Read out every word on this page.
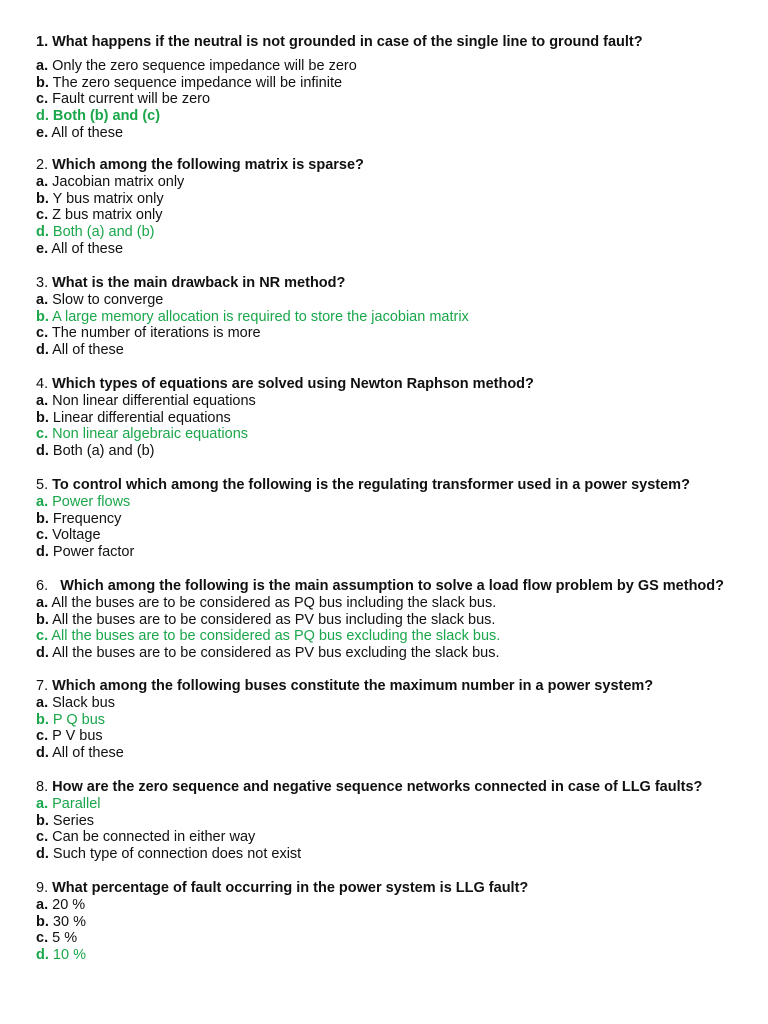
1. What happens if the neutral is not grounded in case of the single line to ground fault?
a. Only the zero sequence impedance will be zero
b. The zero sequence impedance will be infinite
c. Fault current will be zero
d. Both (b) and (c)
e. All of these
2. Which among the following matrix is sparse?
a. Jacobian matrix only
b. Y bus matrix only
c. Z bus matrix only
d. Both (a) and (b)
e. All of these
3. What is the main drawback in NR method?
a. Slow to converge
b. A large memory allocation is required to store the jacobian matrix
c. The number of iterations is more
d. All of these
4. Which types of equations are solved using Newton Raphson method?
a. Non linear differential equations
b. Linear differential equations
c. Non linear algebraic equations
d. Both (a) and (b)
5. To control which among the following is the regulating transformer used in a power system?
a. Power flows
b. Frequency
c. Voltage
d. Power factor
6. Which among the following is the main assumption to solve a load flow problem by GS method?
a. All the buses are to be considered as PQ bus including the slack bus.
b. All the buses are to be considered as PV bus including the slack bus.
c. All the buses are to be considered as PQ bus excluding the slack bus.
d. All the buses are to be considered as PV bus excluding the slack bus.
7. Which among the following buses constitute the maximum number in a power system?
a. Slack bus
b. P Q bus
c. P V bus
d. All of these
8. How are the zero sequence and negative sequence networks connected in case of LLG faults?
a. Parallel
b. Series
c. Can be connected in either way
d. Such type of connection does not exist
9. What percentage of fault occurring in the power system is LLG fault?
a. 20 %
b. 30 %
c. 5 %
d. 10 %
